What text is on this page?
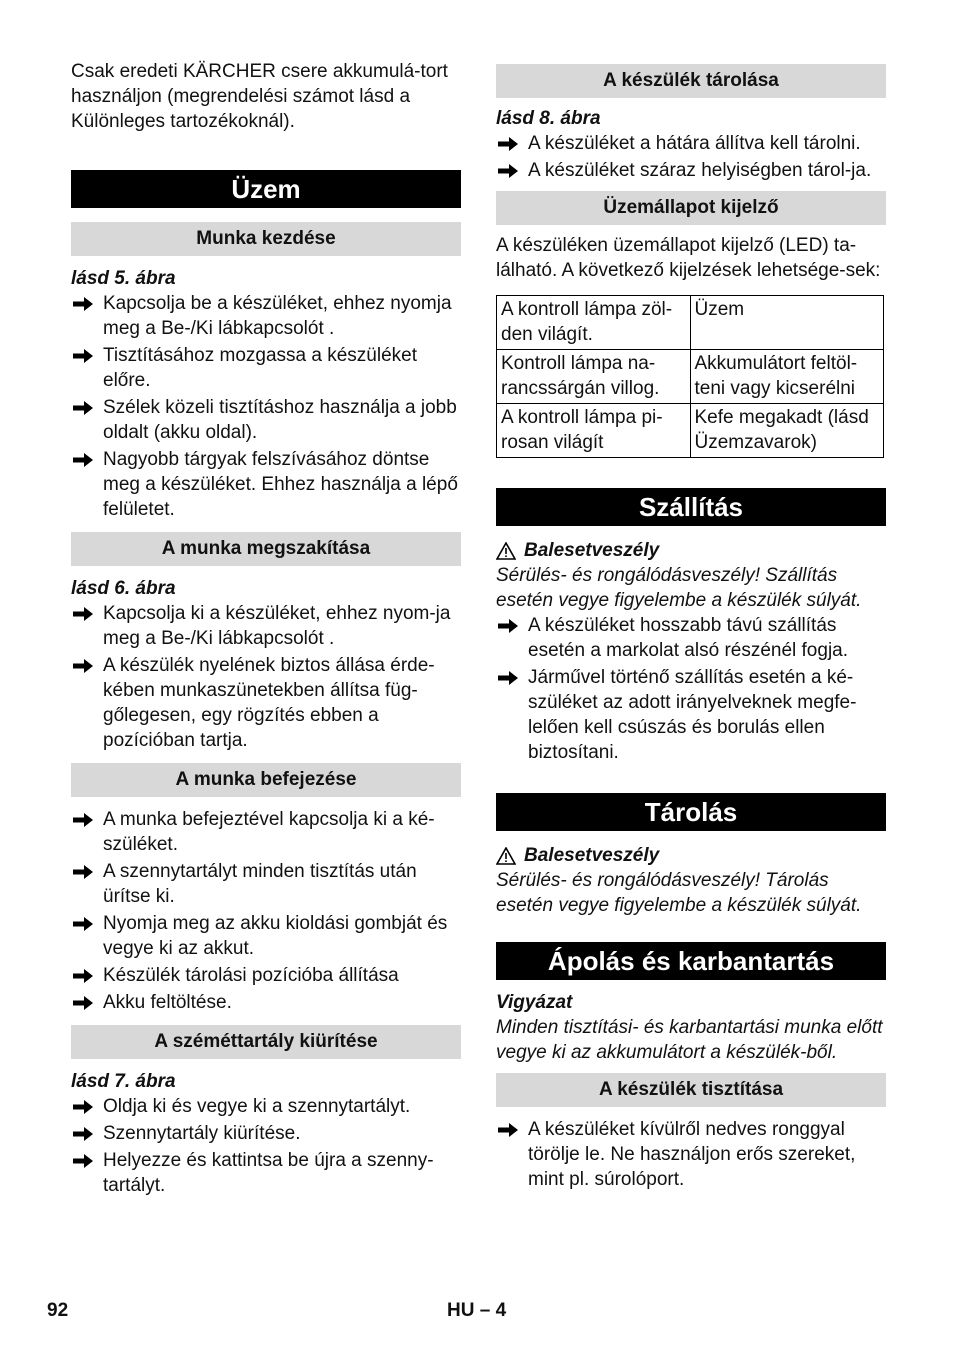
Csak eredeti KÄRCHER csere akkumulá-tort használjon (megrendelési számot lásd a Különleges tartozékoknál).

Üzem
Munka kezdése

lásd 5. ábra

Kapcsolja be a készüléket, ehhez nyomja meg a Be-/Ki lábkapcsolót .
Tisztításához mozgassa a készüléket előre.
Szélek közeli tisztításhoz használja a jobb oldalt (akku oldal).
Nagyobb tárgyak felszívásához döntse meg a készüléket. Ehhez használja a lépő felületet.
A munka megszakítása

lásd 6. ábra

Kapcsolja ki a készüléket, ehhez nyom-ja meg a Be-/Ki lábkapcsolót .
A készülék nyelének biztos állása érde-kében munkaszünetekben állítsa füg-gőlegesen, egy rögzítés ebben a pozícióban tartja.
A munka befejezése
A munka befejeztével kapcsolja ki a ké-szüléket.
A szennytartályt minden tisztítás után ürítse ki.
Nyomja meg az akku kioldási gombját és vegye ki az akkut.
Készülék tárolási pozícióba állítása
Akku feltöltése.
A széméttartály kiürítése

lásd 7. ábra

Oldja ki és vegye ki a szennytartályt.
Szennytartály kiürítése.
Helyezze és kattintsa be újra a szenny-tartályt.
A készülék tárolása

lásd 8. ábra

A készüléket a hátára állítva kell tárolni.
A készüléket száraz helyiségben tárol-ja.
Üzemállapot kijelző

A készüléken üzemállapot kijelző (LED) ta-lálható. A következő kijelzések lehetsége-sek:

A kontroll lámpa zöl-den világít.	Üzem
Kontroll lámpa na-rancssárgán villog.	Akkumulátort feltöl-teni vagy kicserélni
A kontroll lámpa pi-rosan világít	Kefe megakadt (lásd Üzemzavarok)
Szállítás

Balesetveszély

Sérülés- és rongálódásveszély! Szállítás esetén vegye figyelembe a készülék súlyát.

A készüléket hosszabb távú szállítás esetén a markolat alsó részénél fogja.
Járművel történő szállítás esetén a ké-szüléket az adott irányelveknek megfe-lelően kell csúszás és borulás ellen biztosítani.
Tárolás

Balesetveszély

Sérülés- és rongálódásveszély! Tárolás esetén vegye figyelembe a készülék súlyát.

Ápolás és karbantartás

Vigyázat

Minden tisztítási- és karbantartási munka előtt vegye ki az akkumulátort a készülék-ből.

A készülék tisztítása
A készüléket kívülről nedves ronggyal törölje le. Ne használjon erős szereket, mint pl. súrolóport.
92	HU – 4
